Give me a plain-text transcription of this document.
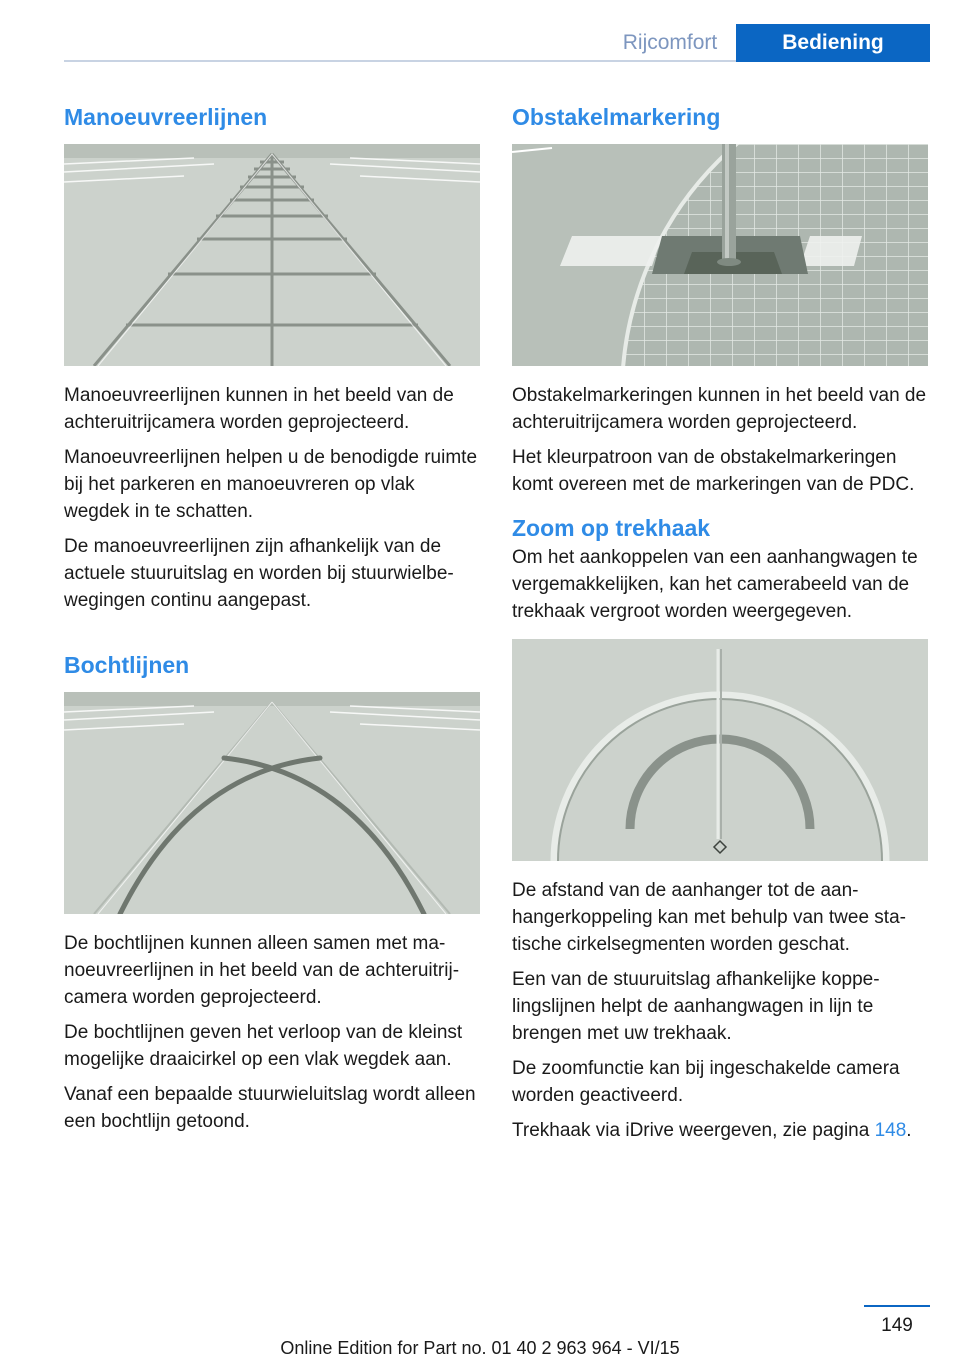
Rijcomfort	Bediening
Manoeuvreerlijnen

Manoeuvreerlijnen kunnen in het beeld van de achteruitrijcamera worden geprojecteerd.

Manoeuvreerlijnen helpen u de benodigde ruimte bij het parkeren en manoeuvreren op vlak wegdek in te schatten.

De manoeuvreerlijnen zijn afhankelijk van de actuele stuuruitslag en worden bij stuurwielbewegingen continu aangepast.

Bochtlijnen

De bochtlijnen kunnen alleen samen met manoeuvreerlijnen in het beeld van de achteruitrijcamera worden geprojecteerd.

De bochtlijnen geven het verloop van de kleinst mogelijke draaicirkel op een vlak wegdek aan.

Vanaf een bepaalde stuurwieluitslag wordt alleen een bochtlijn getoond.

Obstakelmarkering

Obstakelmarkeringen kunnen in het beeld van de achteruitrijcamera worden geprojecteerd.

Het kleurpatroon van de obstakelmarkeringen komt overeen met de markeringen van de PDC.

Zoom op trekhaak

Om het aankoppelen van een aanhangwagen te vergemakkelijken, kan het camerabeeld van de trekhaak vergroot worden weergegeven.

De afstand van de aanhanger tot de aanhangerkoppeling kan met behulp van twee statische cirkelsegmenten worden geschat.

Een van de stuuruitslag afhankelijke koppelingslijnen helpt de aanhangwagen in lijn te brengen met uw trekhaak.

De zoomfunctie kan bij ingeschakelde camera worden geactiveerd.

Trekhaak via iDrive weergeven, zie pagina 148.

149
Online Edition for Part no. 01 40 2 963 964 - VI/15
